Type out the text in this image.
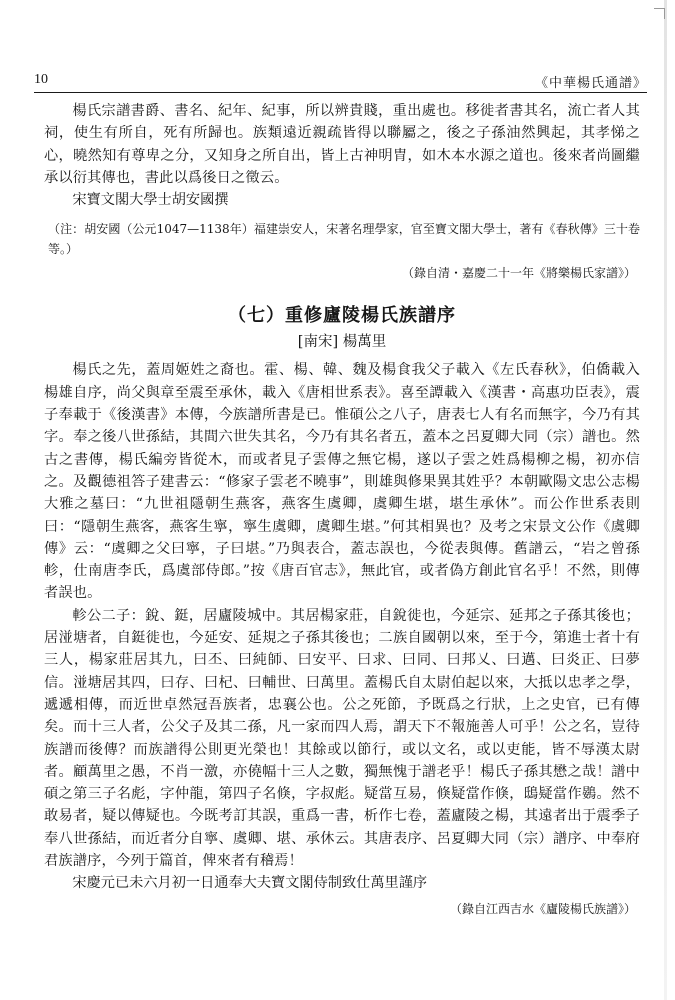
10	《中華楊氏通譜》

楊氏宗譜書爵、書名、紀年、紀事，所以辨貴賤，重出處也。移徙者書其名，流亡者人其祠，使生有所自，死有所歸也。族類遠近親疏皆得以聯屬之，後之子孫油然興起，其孝悌之心，曉然知有尊卑之分，又知身之所自出，皆上古神明胄，如木本水源之道也。後來者尚圖繼承以衍其傳也，書此以爲後日之徵云。

宋寶文閣大學士胡安國撰

（注：胡安國（公元1047—1138年）福建崇安人，宋著名理學家，官至寶文閣大學士，著有《春秋傳》三十卷等。）

（錄自清・嘉慶二十一年《將樂楊氏家譜》）

（七）重修廬陵楊氏族譜序
[南宋] 楊萬里

楊氏之先，蓋周姬姓之裔也。霍、楊、韓、魏及楊食我父子載入《左氏春秋》，伯僑載入楊雄自序，尚父與章至震至承休，載入《唐相世系表》。喜至譚載入《漢書・高惠功臣表》，震子奉載于《後漢書》本傳，今族譜所書是已。惟碩公之八子，唐表七人有名而無字，今乃有其字。奉之後八世孫結，其間六世失其名，今乃有其名者五，蓋本之呂夏卿大同（宗）譜也。然古之書傳，楊氏編旁皆從木，而或者見子雲傳之無它楊，遂以子雲之姓爲楊柳之楊，初亦信之。及觀德祖答子建書云：“修家子雲老不曉事”，則雄與修果異其姓乎？本朝歐陽文忠公志楊大雅之墓曰：“九世祖隱朝生燕客，燕客生虞卿，虞卿生堪，堪生承休”。而公作世系表則曰：“隱朝生燕客，燕客生寧，寧生虞卿，虞卿生堪。”何其相異也？及考之宋景文公作《虞卿傳》云：“虞卿之父曰寧，子曰堪。”乃與表合，蓋志誤也，今從表與傳。舊譜云，“岩之曾孫軫，仕南唐李氏，爲虞部侍郎。”按《唐百官志》，無此官，或者偽方創此官名乎！不然，則傳者誤也。

軫公二子：銳、鋌，居廬陵城中。其居楊家莊，自銳徙也，今延宗、延邦之子孫其後也；居湴塘者，自鋌徙也，今延安、延規之子孫其後也；二族自國朝以來，至于今，第進士者十有三人，楊家莊居其九，曰丕、曰純師、曰安平、曰求、曰同、曰邦乂、曰邁、曰炎正、曰夢信。湴塘居其四，曰存、曰杞、曰輔世、曰萬里。蓋楊氏自太尉伯起以來，大抵以忠孝之學，遞遞相傳，而近世卓然冠吾族者，忠襄公也。公之死節，予既爲之行狀，上之史官，已有傳矣。而十三人者，公父子及其二孫，凡一家而四人焉，謂天下不報施善人可乎！公之名，豈待族譜而後傳？而族譜得公則更光榮也！其餘或以節行，或以文名，或以吏能，皆不辱漢太尉者。顧萬里之愚，不肖一激，亦僥幅十三人之數，獨無愧于譜老乎！楊氏子孫其懋之哉！譜中碩之第三子名彪，字仲龍，第四子名倏，字叔彪。疑當互易，倏疑當作倏，鴟疑當作鷃。然不敢易者，疑以傳疑也。今既考訂其誤，重爲一書，析作七卷，蓋廬陵之楊，其遠者出于震季子奉八世孫結，而近者分自寧、虞卿、堪、承休云。其唐表序、呂夏卿大同（宗）譜序、中奉府君族譜序，今列于篇首，俾來者有稽焉！

宋慶元已未六月初一日通奉大夫寶文閣侍制致仕萬里謹序

（錄自江西吉水《廬陵楊氏族譜》）
